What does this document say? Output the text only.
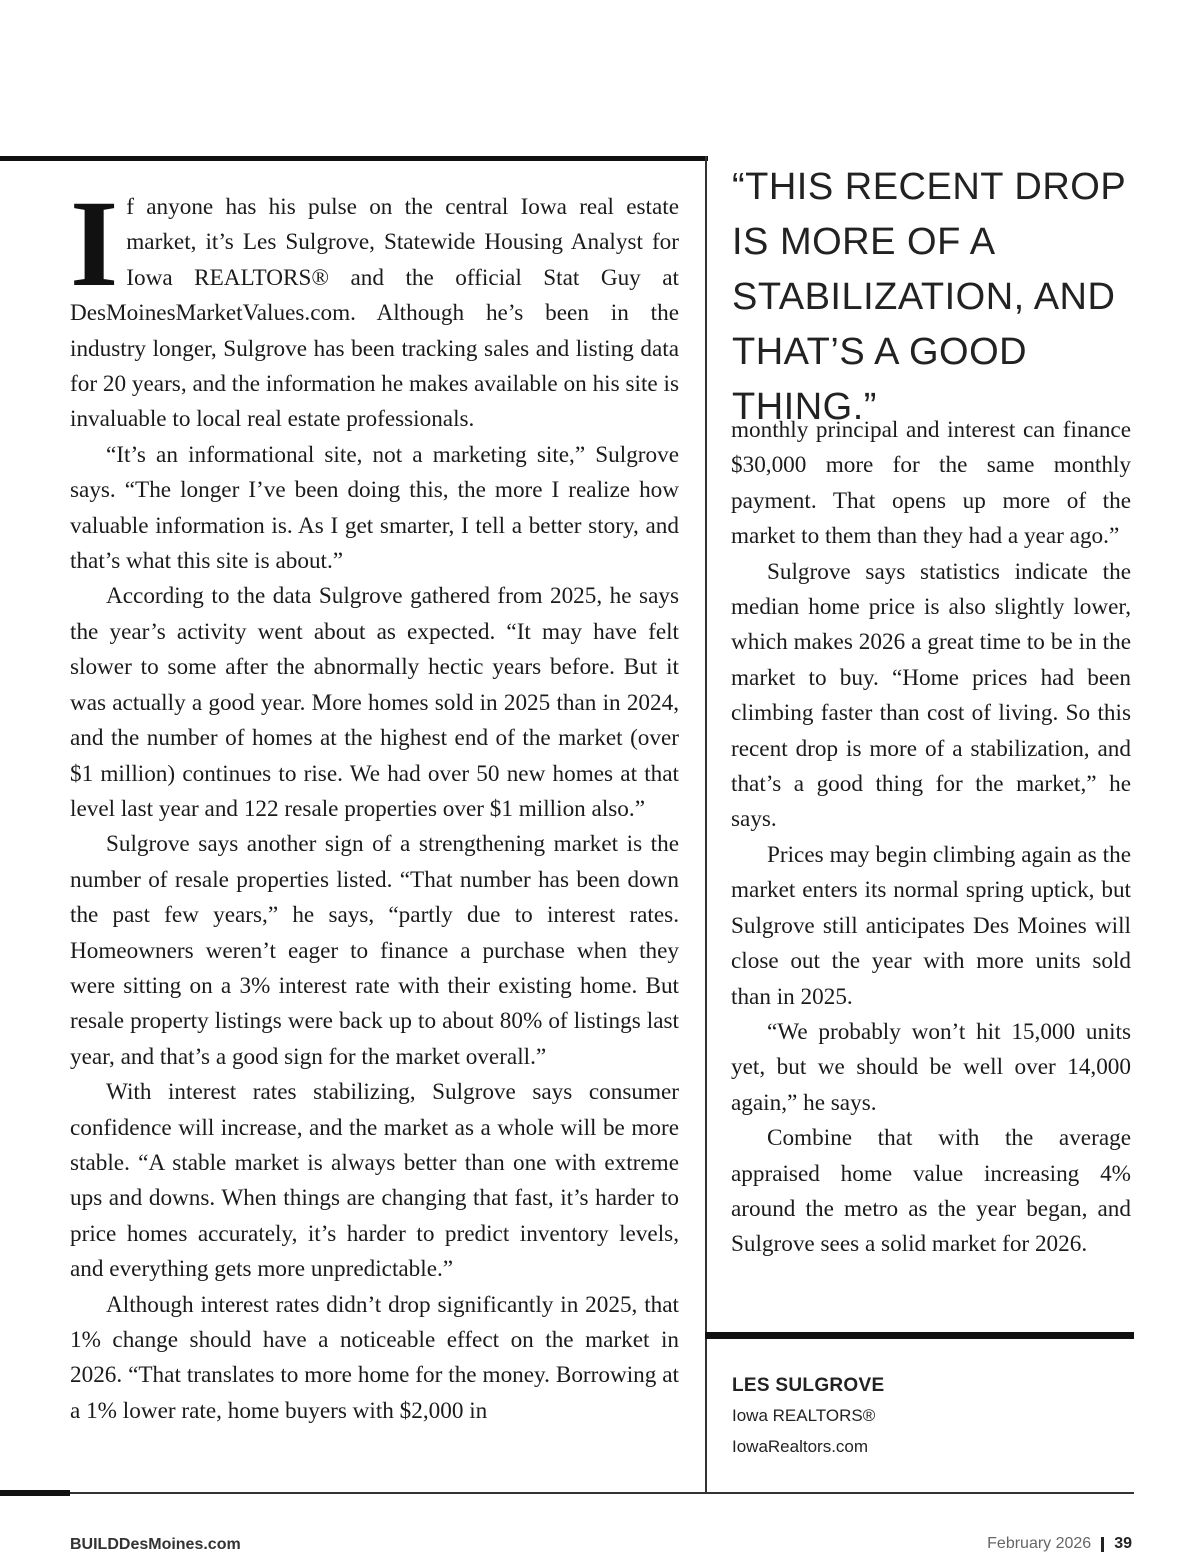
If anyone has his pulse on the central Iowa real estate market, it’s Les Sulgrove, Statewide Housing Analyst for Iowa REALTORS® and the official Stat Guy at DesMoinesMarketValues.com. Although he’s been in the industry longer, Sulgrove has been tracking sales and listing data for 20 years, and the information he makes available on his site is invaluable to local real estate professionals.

“It’s an informational site, not a marketing site,” Sulgrove says. “The longer I’ve been doing this, the more I realize how valuable information is. As I get smarter, I tell a better story, and that’s what this site is about.”

According to the data Sulgrove gathered from 2025, he says the year’s activity went about as expected. “It may have felt slower to some after the abnormally hectic years before. But it was actually a good year. More homes sold in 2025 than in 2024, and the number of homes at the highest end of the market (over $1 million) continues to rise. We had over 50 new homes at that level last year and 122 resale properties over $1 million also.”

Sulgrove says another sign of a strengthening market is the number of resale properties listed. “That number has been down the past few years,” he says, “partly due to interest rates. Homeowners weren’t eager to finance a purchase when they were sitting on a 3% interest rate with their existing home. But resale property listings were back up to about 80% of listings last year, and that’s a good sign for the market overall.”

With interest rates stabilizing, Sulgrove says consumer confidence will increase, and the market as a whole will be more stable. “A stable market is always better than one with extreme ups and downs. When things are changing that fast, it’s harder to price homes accurately, it’s harder to predict inventory levels, and everything gets more unpredictable.”

Although interest rates didn’t drop significantly in 2025, that 1% change should have a noticeable effect on the market in 2026. “That translates to more home for the money. Borrowing at a 1% lower rate, home buyers with $2,000 in

“THIS RECENT DROP IS MORE OF A STABILIZATION, AND THAT’S A GOOD THING.”

monthly principal and interest can finance $30,000 more for the same monthly payment. That opens up more of the market to them than they had a year ago.”

Sulgrove says statistics indicate the median home price is also slightly lower, which makes 2026 a great time to be in the market to buy. “Home prices had been climbing faster than cost of living. So this recent drop is more of a stabilization, and that’s a good thing for the market,” he says.

Prices may begin climbing again as the market enters its normal spring uptick, but Sulgrove still anticipates Des Moines will close out the year with more units sold than in 2025.

“We probably won’t hit 15,000 units yet, but we should be well over 14,000 again,” he says.

Combine that with the average appraised home value increasing 4% around the metro as the year began, and Sulgrove sees a solid market for 2026.

LES SULGROVE
Iowa REALTORS®
IowaRealtors.com
BUILDDesMoines.com	February 2026 39
